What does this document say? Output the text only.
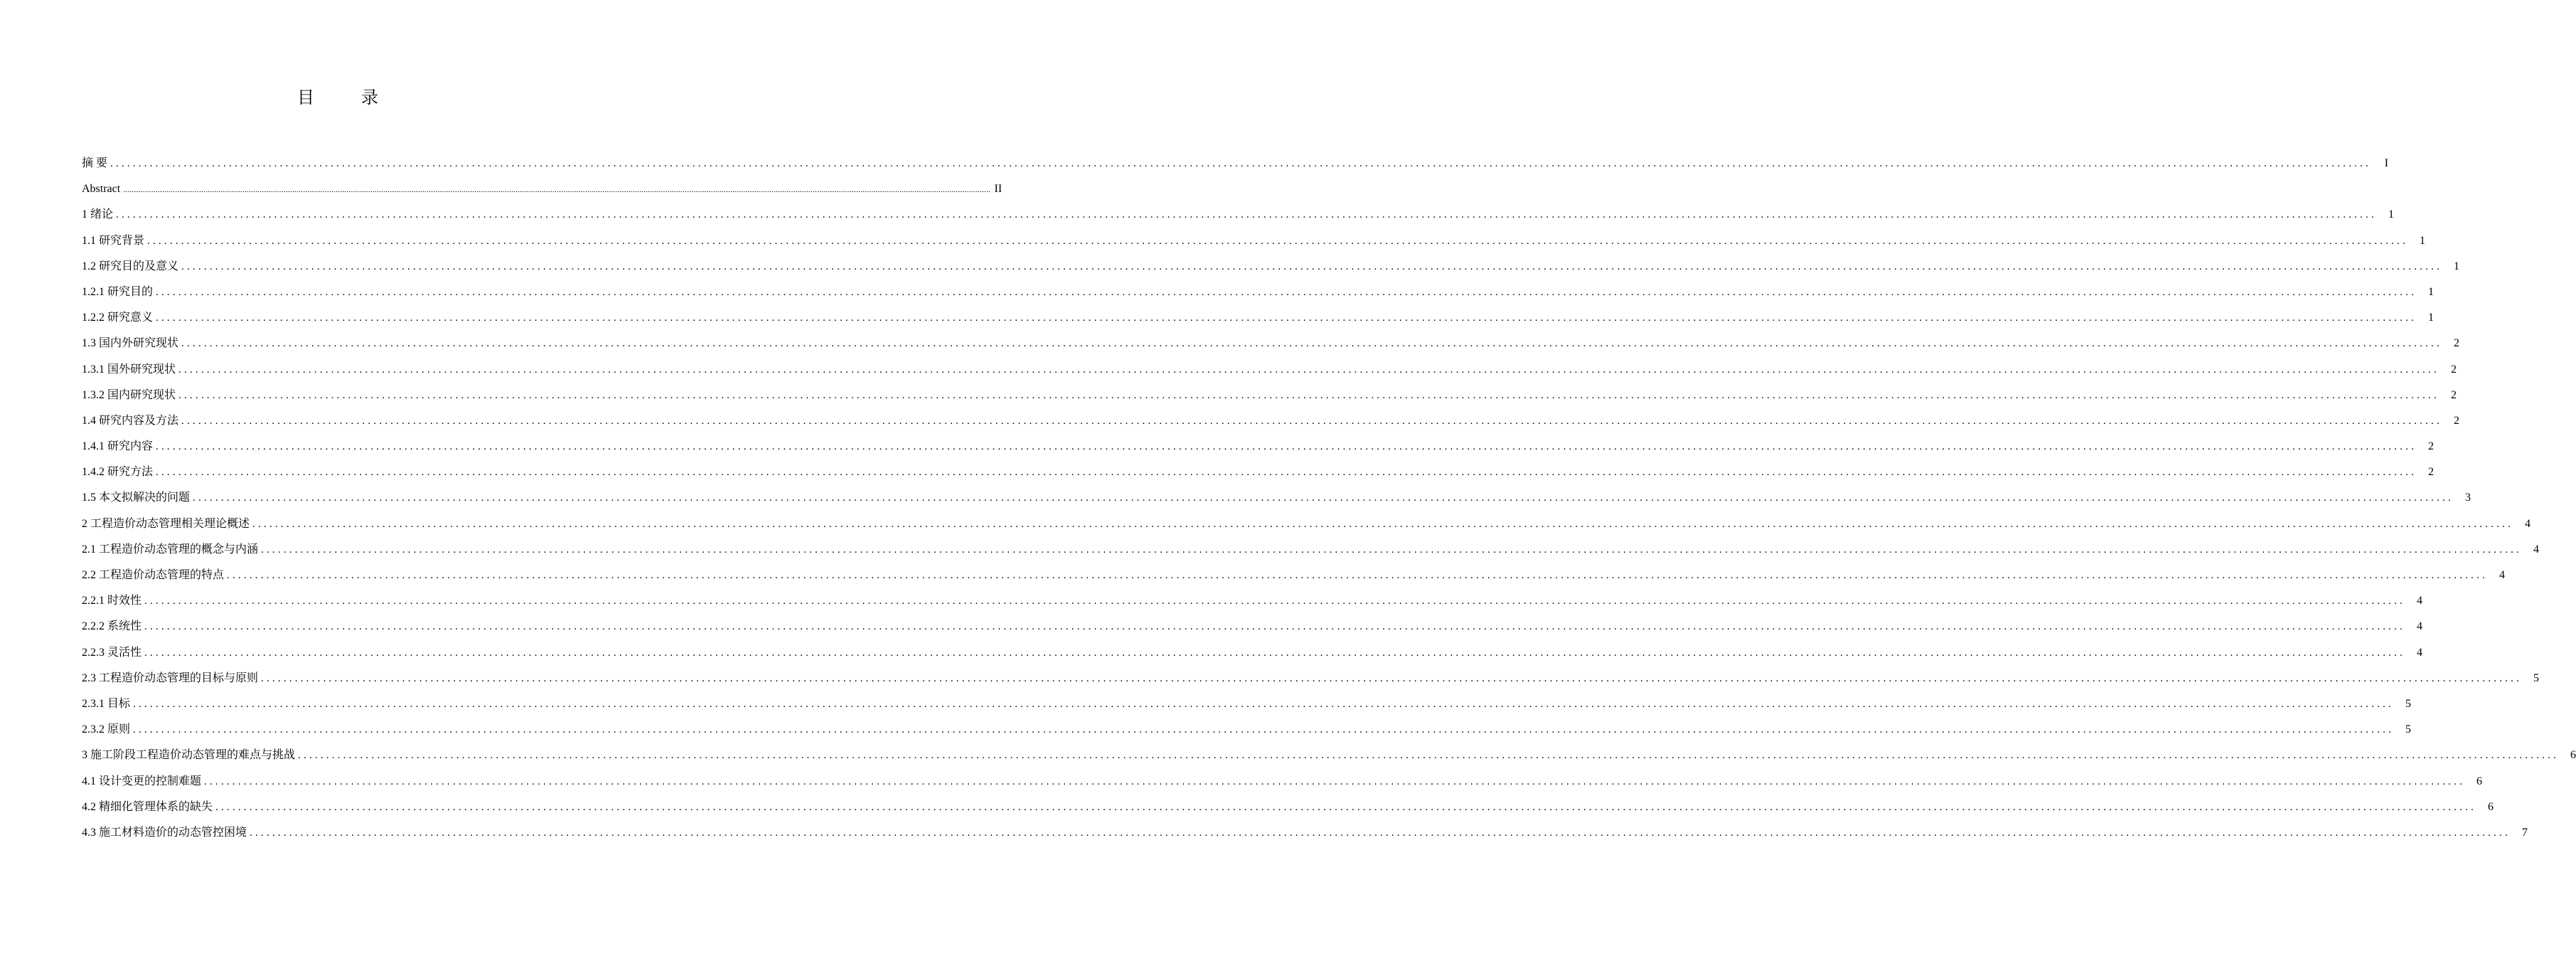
目 录
摘 要 ................................................................................................................................................................................................................................................................................................................................................................................................................	I
Abstract ................................................................................................................................................................................................................................................................................................................................................................................................................ II
1 绪论 ................................................................................................................................................................................................................................................................................................................................................................................................................	1
1.1 研究背景 ................................................................................................................................................................................................................................................................................................................................................................................................................	1
1.2 研究目的及意义 ................................................................................................................................................................................................................................................................................................................................................................................................................	1
1.2.1 研究目的 ................................................................................................................................................................................................................................................................................................................................................................................................................	1
1.2.2 研究意义 ................................................................................................................................................................................................................................................................................................................................................................................................................	1
1.3 国内外研究现状 ................................................................................................................................................................................................................................................................................................................................................................................................................	2
1.3.1 国外研究现状 ................................................................................................................................................................................................................................................................................................................................................................................................................	2
1.3.2 国内研究现状 ................................................................................................................................................................................................................................................................................................................................................................................................................	2
1.4 研究内容及方法 ................................................................................................................................................................................................................................................................................................................................................................................................................	2
1.4.1 研究内容 ................................................................................................................................................................................................................................................................................................................................................................................................................	2
1.4.2 研究方法 ................................................................................................................................................................................................................................................................................................................................................................................................................	2
1.5 本文拟解决的问题 ................................................................................................................................................................................................................................................................................................................................................................................................................	3
2 工程造价动态管理相关理论概述 ................................................................................................................................................................................................................................................................................................................................................................................................................	4
2.1 工程造价动态管理的概念与内涵 ................................................................................................................................................................................................................................................................................................................................................................................................................	4
2.2 工程造价动态管理的特点 ................................................................................................................................................................................................................................................................................................................................................................................................................	4
2.2.1 时效性 ................................................................................................................................................................................................................................................................................................................................................................................................................	4
2.2.2 系统性 ................................................................................................................................................................................................................................................................................................................................................................................................................	4
2.2.3 灵活性 ................................................................................................................................................................................................................................................................................................................................................................................................................	4
2.3 工程造价动态管理的目标与原则 ................................................................................................................................................................................................................................................................................................................................................................................................................	5
2.3.1 目标 ................................................................................................................................................................................................................................................................................................................................................................................................................	5
2.3.2 原则 ................................................................................................................................................................................................................................................................................................................................................................................................................	5
3 施工阶段工程造价动态管理的难点与挑战 ................................................................................................................................................................................................................................................................................................................................................................................................................	6
4.1 设计变更的控制难题 ................................................................................................................................................................................................................................................................................................................................................................................................................	6
4.2 精细化管理体系的缺失 ................................................................................................................................................................................................................................................................................................................................................................................................................	6
4.3 施工材料造价的动态管控困境 ................................................................................................................................................................................................................................................................................................................................................................................................................	7
